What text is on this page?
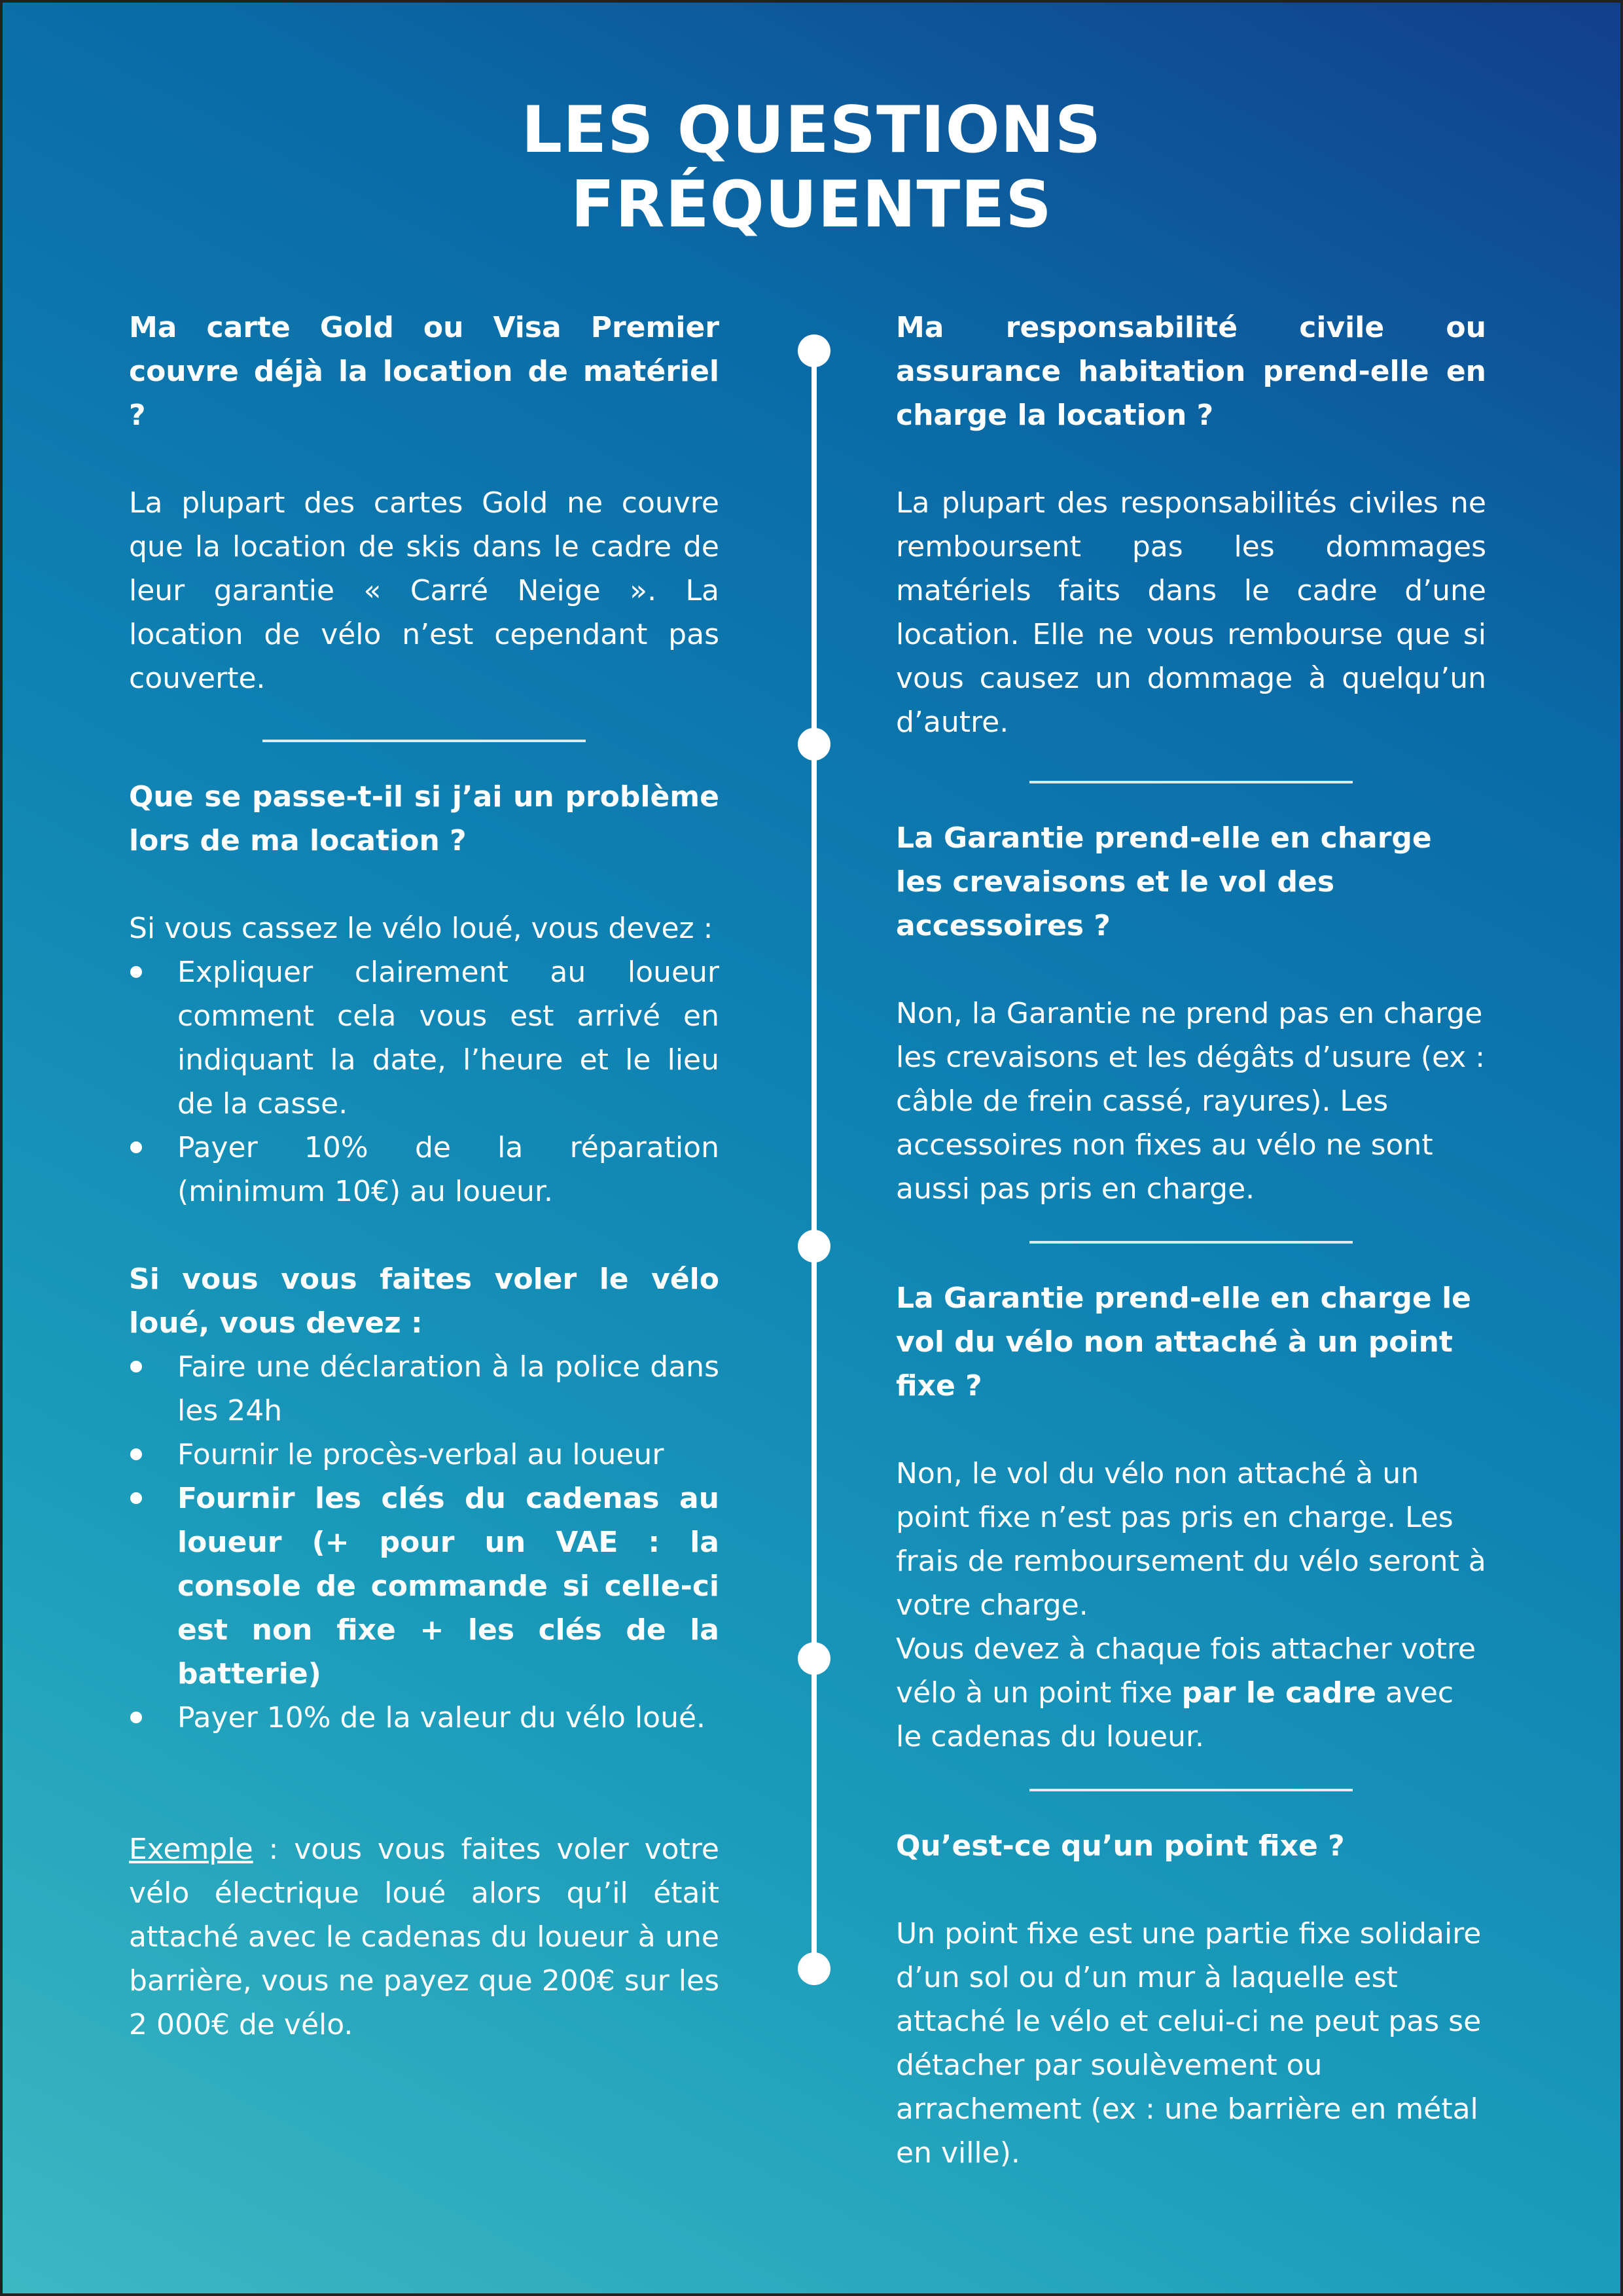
LES QUESTIONS
FRÉQUENTES

Ma carte Gold ou Visa Premier couvre déjà la location de matériel ?

La plupart des cartes Gold ne couvre que la location de skis dans le cadre de leur garantie « Carré Neige ». La location de vélo n’est cependant pas couverte.

Que se passe-t-il si j’ai un problème lors de ma location ?

Si vous cassez le vélo loué, vous devez :

Expliquer clairement au loueur comment cela vous est arrivé en indiquant la date, l’heure et le lieu de la casse.
Payer 10% de la réparation (minimum 10€) au loueur.

Si vous vous faites voler le vélo loué, vous devez :

Faire une déclaration à la police dans les 24h
Fournir le procès-verbal au loueur
Fournir les clés du cadenas au loueur (+ pour un VAE : la console de commande si celle-ci est non fixe + les clés de la batterie)
Payer 10% de la valeur du vélo loué.

Exemple : vous vous faites voler votre vélo électrique loué alors qu’il était attaché avec le cadenas du loueur à une barrière, vous ne payez que 200€ sur les 2 000€ de vélo.

Ma responsabilité civile ou assurance habitation prend-elle en charge la location ?

La plupart des responsabilités civiles ne remboursent pas les dommages matériels faits dans le cadre d’une location. Elle ne vous rembourse que si vous causez un dommage à quelqu’un d’autre.

La Garantie prend-elle en charge les crevaisons et le vol des accessoires ?

Non, la Garantie ne prend pas en charge les crevaisons et les dégâts d’usure (ex : câble de frein cassé, rayures). Les accessoires non fixes au vélo ne sont aussi pas pris en charge.

La Garantie prend-elle en charge le vol du vélo non attaché à un point fixe ?

Non, le vol du vélo non attaché à un point fixe n’est pas pris en charge. Les frais de remboursement du vélo seront à votre charge.

Vous devez à chaque fois attacher votre vélo à un point fixe par le cadre avec le cadenas du loueur.

Qu’est-ce qu’un point fixe ?

Un point fixe est une partie fixe solidaire d’un sol ou d’un mur à laquelle est attaché le vélo et celui-ci ne peut pas se détacher par soulèvement ou arrachement (ex : une barrière en métal en ville).
